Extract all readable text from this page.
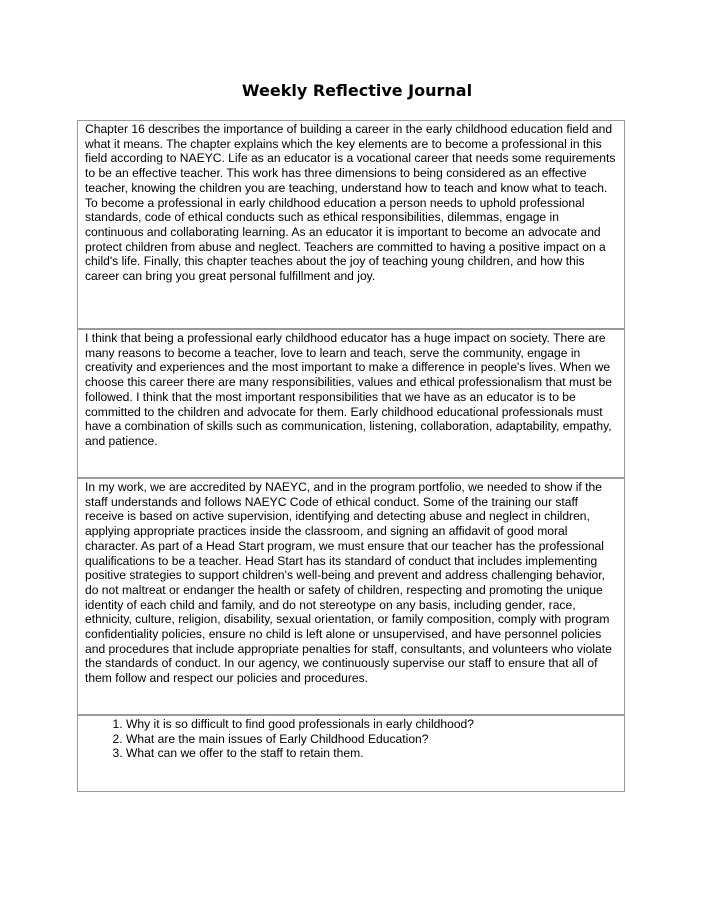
Weekly Reflective Journal

Chapter 16 describes the importance of building a career in the early childhood education field and what it means. The chapter explains which the key elements are to become a professional in this field according to NAEYC. Life as an educator is a vocational career that needs some requirements to be an effective teacher. This work has three dimensions to being considered as an effective teacher, knowing the children you are teaching, understand how to teach and know what to teach. To become a professional in early childhood education a person needs to uphold professional standards, code of ethical conducts such as ethical responsibilities, dilemmas, engage in continuous and collaborating learning. As an educator it is important to become an advocate and protect children from abuse and neglect. Teachers are committed to having a positive impact on a child's life. Finally, this chapter teaches about the joy of teaching young children, and how this career can bring you great personal fulfillment and joy.

I think that being a professional early childhood educator has a huge impact on society. There are many reasons to become a teacher, love to learn and teach, serve the community, engage in creativity and experiences and the most important to make a difference in people's lives. When we choose this career there are many responsibilities, values and ethical professionalism that must be followed. I think that the most important responsibilities that we have as an educator is to be committed to the children and advocate for them. Early childhood educational professionals must have a combination of skills such as communication, listening, collaboration, adaptability, empathy, and patience.

In my work, we are accredited by NAEYC, and in the program portfolio, we needed to show if the staff understands and follows NAEYC Code of ethical conduct. Some of the training our staff receive is based on active supervision, identifying and detecting abuse and neglect in children, applying appropriate practices inside the classroom, and signing an affidavit of good moral character. As part of a Head Start program, we must ensure that our teacher has the professional qualifications to be a teacher. Head Start has its standard of conduct that includes implementing positive strategies to support children's well-being and prevent and address challenging behavior, do not maltreat or endanger the health or safety of children, respecting and promoting the unique identity of each child and family, and do not stereotype on any basis, including gender, race, ethnicity, culture, religion, disability, sexual orientation, or family composition, comply with program confidentiality policies, ensure no child is left alone or unsupervised, and have personnel policies and procedures that include appropriate penalties for staff, consultants, and volunteers who violate the standards of conduct. In our agency, we continuously supervise our staff to ensure that all of them follow and respect our policies and procedures.

1. Why it is so difficult to find good professionals in early childhood?
2. What are the main issues of Early Childhood Education?
3. What can we offer to the staff to retain them.
